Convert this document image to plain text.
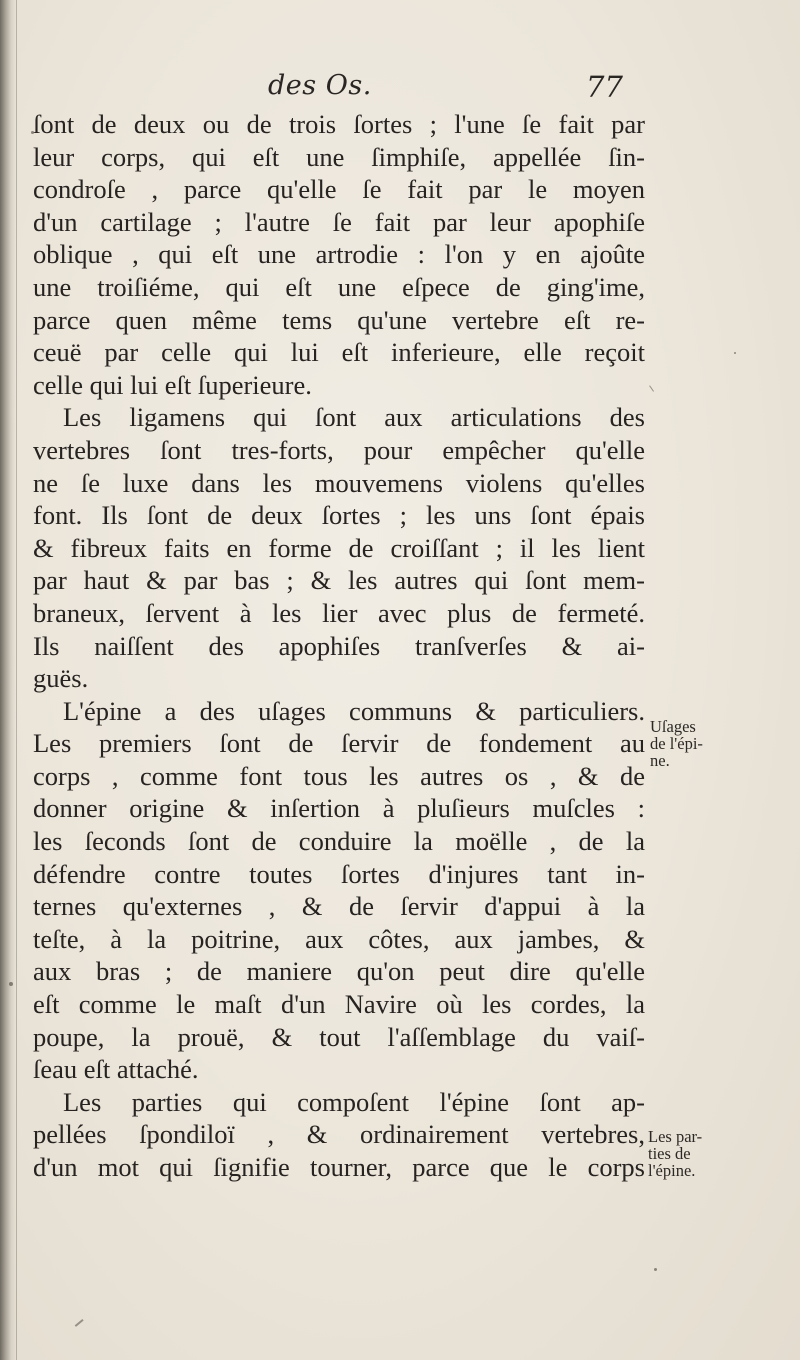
des Os.	77
ſont de deux ou de trois ſortes ; l'une ſe fait par
leur corps, qui eſt une ſimphiſe, appellée ſin-
condroſe , parce qu'elle ſe fait par le moyen
d'un cartilage ; l'autre ſe fait par leur apophiſe
oblique , qui eſt une artrodie : l'on y en ajoûte
une troiſiéme, qui eſt une eſpece de ging'ime,
parce quen même tems qu'une vertebre eſt re-
ceuë par celle qui lui eſt inferieure, elle reçoit
celle qui lui eſt ſuperieure.
Les ligamens qui ſont aux articulations des
vertebres ſont tres-forts, pour empêcher qu'elle
ne ſe luxe dans les mouvemens violens qu'elles
font. Ils ſont de deux ſortes ; les uns ſont épais
& fibreux faits en forme de croiſſant ; il les lient
par haut & par bas ; & les autres qui ſont mem-
braneux, ſervent à les lier avec plus de fermeté.
Ils naiſſent des apophiſes tranſverſes & ai-
guës.
L'épine a des uſages communs & particuliers.
Les premiers ſont de ſervir de fondement au
corps , comme font tous les autres os , & de
donner origine & inſertion à pluſieurs muſcles :
les ſeconds ſont de conduire la moëlle , de la
défendre contre toutes ſortes d'injures tant in-
ternes qu'externes , & de ſervir d'appui à la
teſte, à la poitrine, aux côtes, aux jambes, &
aux bras ; de maniere qu'on peut dire qu'elle
eſt comme le maſt d'un Navire où les cordes, la
poupe, la prouë, & tout l'aſſemblage du vaiſ-
ſeau eſt attaché.
Les parties qui compoſent l'épine ſont ap-
pellées ſpondiloï , & ordinairement vertebres,
d'un mot qui ſignifie tourner, parce que le corps
Uſages
de l'épi-
ne.
Les par-
ties de
l'épine.
